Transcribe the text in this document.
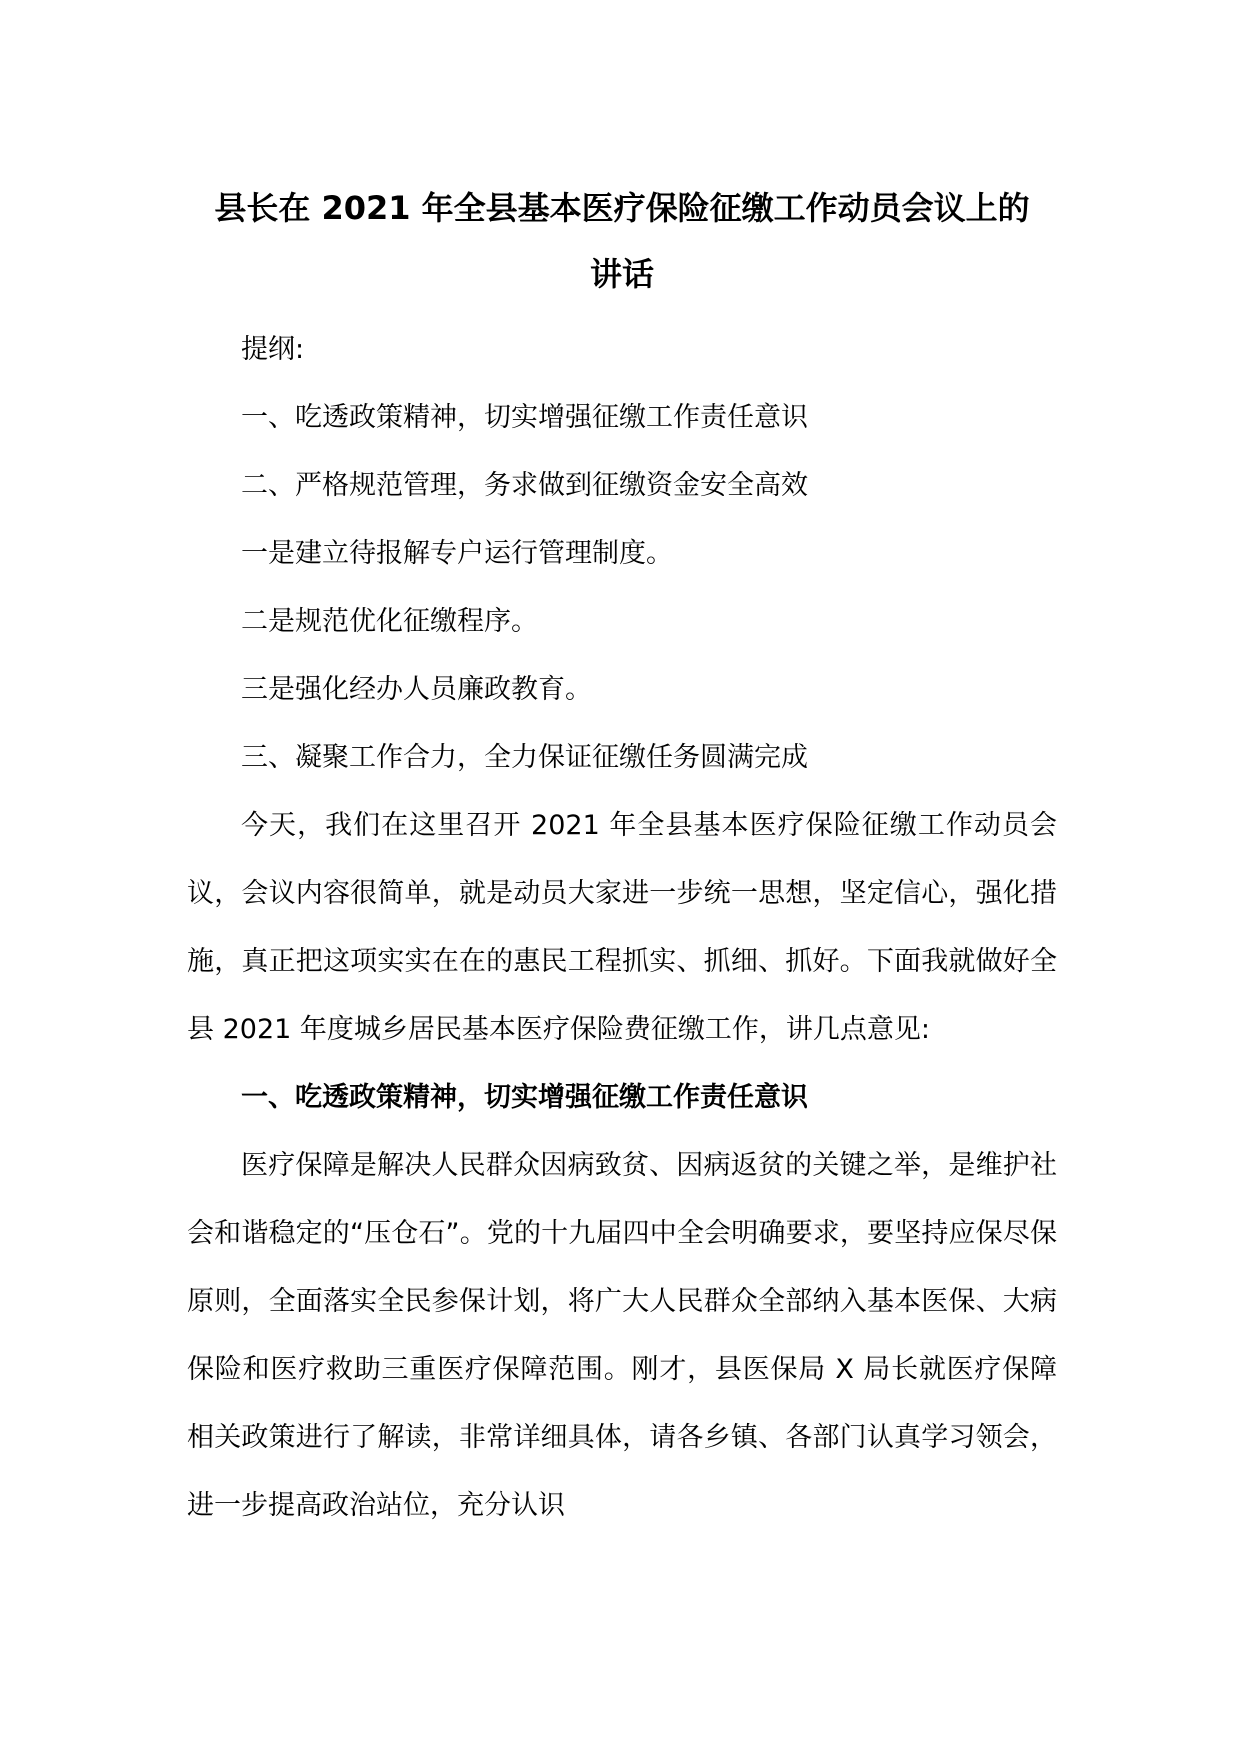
县长在 2021 年全县基本医疗保险征缴工作动员会议上的
讲话

提纲:

一、吃透政策精神，切实增强征缴工作责任意识

二、严格规范管理，务求做到征缴资金安全高效

一是建立待报解专户运行管理制度。

二是规范优化征缴程序。

三是强化经办人员廉政教育。

三、凝聚工作合力，全力保证征缴任务圆满完成

今天，我们在这里召开 2021 年全县基本医疗保险征缴工作动员会议，会议内容很简单，就是动员大家进一步统一思想，坚定信心，强化措施，真正把这项实实在在的惠民工程抓实、抓细、抓好。下面我就做好全县 2021 年度城乡居民基本医疗保险费征缴工作，讲几点意见:

一、吃透政策精神，切实增强征缴工作责任意识

医疗保障是解决人民群众因病致贫、因病返贫的关键之举，是维护社会和谐稳定的“压仓石”。党的十九届四中全会明确要求，要坚持应保尽保原则，全面落实全民参保计划，将广大人民群众全部纳入基本医保、大病保险和医疗救助三重医疗保障范围。刚才，县医保局 X 局长就医疗保障相关政策进行了解读，非常详细具体，请各乡镇、各部门认真学习领会，进一步提高政治站位，充分认识
